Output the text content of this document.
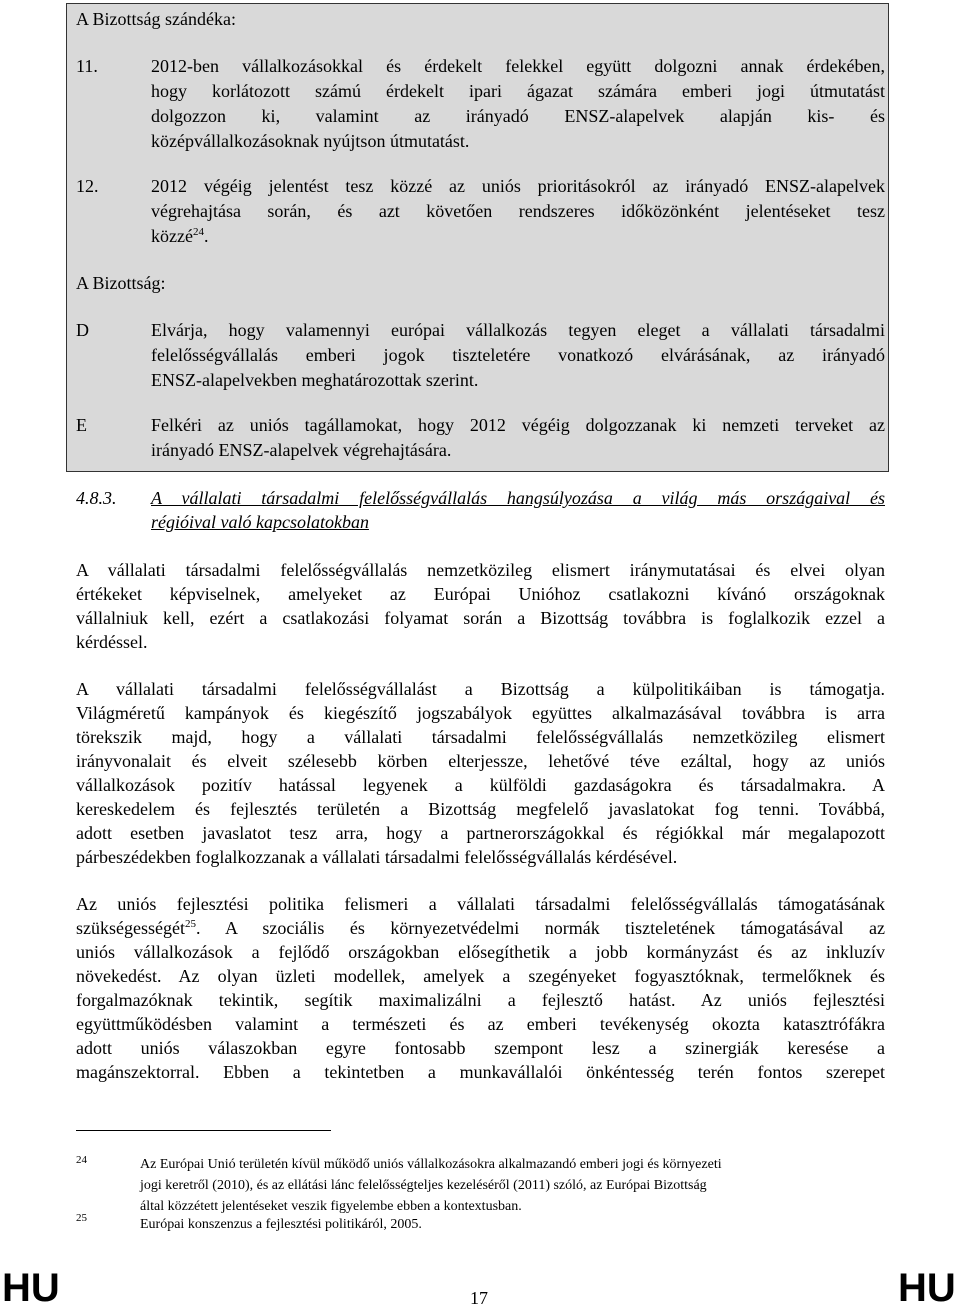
A Bizottság szándéka:
11.	2012-ben vállalkozásokkal és érdekelt felekkel együtt dolgozni annak érdekében,
hogy korlátozott számú érdekelt ipari ágazat számára emberi jogi útmutatást
dolgozzon ki, valamint az irányadó ENSZ-alapelvek alapján kis- és
középvállalkozásoknak nyújtson útmutatást.
12.	2012 végéig jelentést tesz közzé az uniós prioritásokról az irányadó ENSZ-alapelvek
végrehajtása során, és azt követően rendszeres időközönként jelentéseket tesz
közzé$^{24}$.
A Bizottság:
D	Elvárja, hogy valamennyi európai vállalkozás tegyen eleget a vállalati társadalmi
felelősségvállalás emberi jogok tiszteletére vonatkozó elvárásának, az irányadó
ENSZ-alapelvekben meghatározottak szerint.
E	Felkéri az uniós tagállamokat, hogy 2012 végéig dolgozzanak ki nemzeti terveket az
irányadó ENSZ-alapelvek végrehajtására.
4.8.3. A vállalati társadalmi felelősségvállalás hangsúlyozása a világ más országaival és
régióival való kapcsolatokban
A vállalati társadalmi felelősségvállalás nemzetközileg elismert iránymutatásai és elvei olyan
értékeket képviselnek, amelyeket az Európai Unióhoz csatlakozni kívánó országoknak
vállalniuk kell, ezért a csatlakozási folyamat során a Bizottság továbbra is foglalkozik ezzel a
kérdéssel.
A vállalati társadalmi felelősségvállalást a Bizottság a külpolitikáiban is támogatja.
Világméretű kampányok és kiegészítő jogszabályok együttes alkalmazásával továbbra is arra
törekszik majd, hogy a vállalati társadalmi felelősségvállalás nemzetközileg elismert
irányvonalait és elveit szélesebb körben elterjessze, lehetővé téve ezáltal, hogy az uniós
vállalkozások pozitív hatással legyenek a külföldi gazdaságokra és társadalmakra. A
kereskedelem és fejlesztés területén a Bizottság megfelelő javaslatokat fog tenni. Továbbá,
adott esetben javaslatot tesz arra, hogy a partnerországokkal és régiókkal már megalapozott
párbeszédekben foglalkozzanak a vállalati társadalmi felelősségvállalás kérdésével.
Az uniós fejlesztési politika felismeri a vállalati társadalmi felelősségvállalás támogatásának
szükségességét$^{25}$ . A szociális és környezetvédelmi normák tiszteletének támogatásával az
uniós vállalkozások a fejlődő országokban elősegíthetik a jobb kormányzást és az inkluzív
növekedést. Az olyan üzleti modellek, amelyek a szegényeket fogyasztóknak, termelőknek és
forgalmazóknak tekintik, segítik maximalizálni a fejlesztő hatást. Az uniós fejlesztési
együttműködésben valamint a természeti és az emberi tevékenység okozta katasztrófákra
adott uniós válaszokban egyre fontosabb szempont lesz a szinergiák keresése a
magánszektorral. Ebben a tekintetben a munkavállalói önkéntesség terén fontos szerepet
24	Az Európai Unió területén kívül működő uniós vállalkozásokra alkalmazandó emberi jogi és környezeti
jogi keretről (2010), és az ellátási lánc felelősségteljes kezeléséről (2011) szóló, az Európai Bizottság
által közzétett jelentéseket veszik figyelembe ebben a kontextusban.
25	Európai konszenzus a fejlesztési politikáról, 2005.
HU	17	HU
